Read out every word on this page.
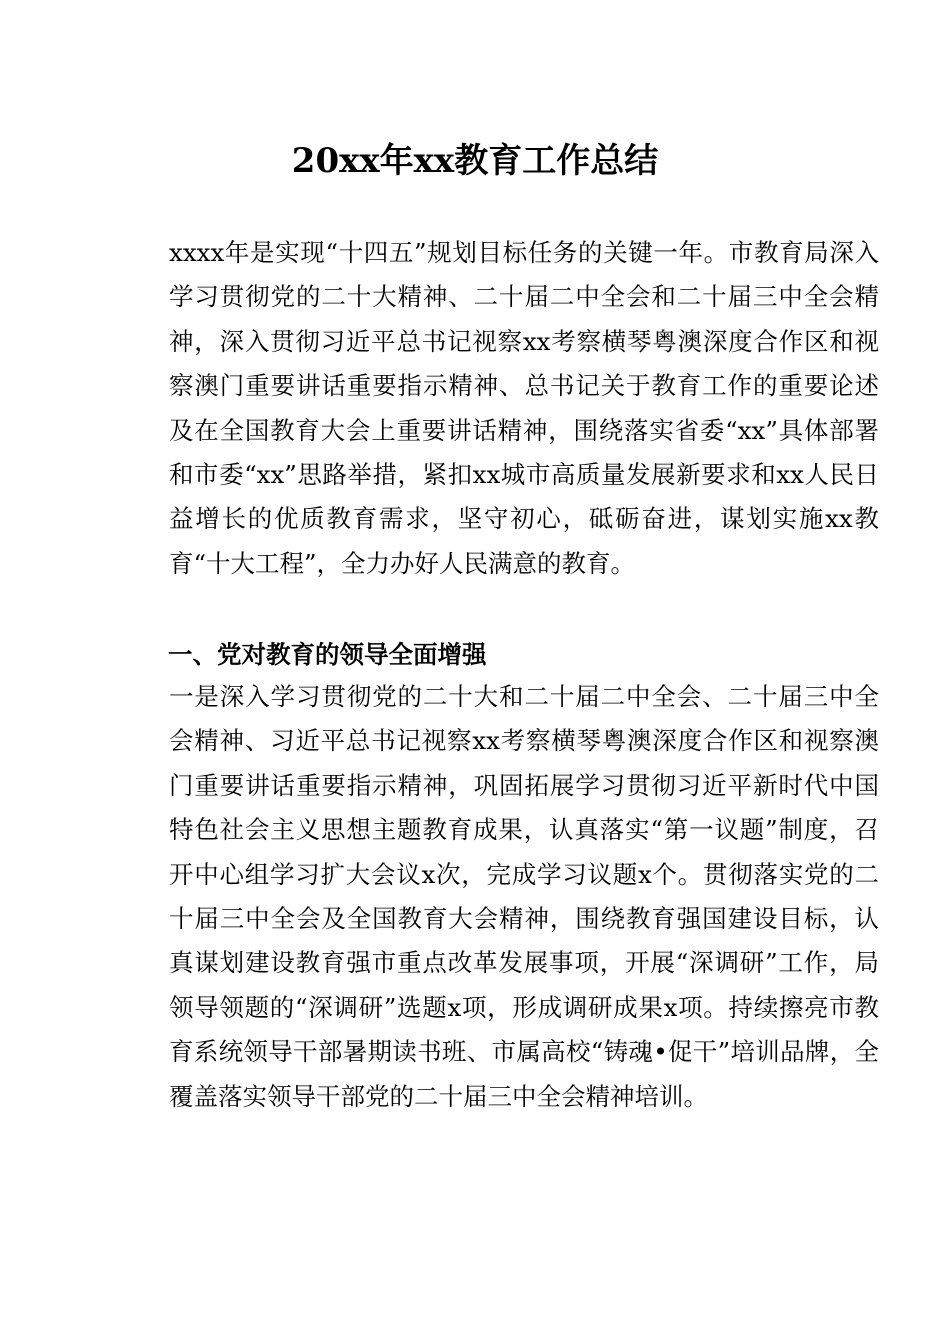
20xx年xx教育工作总结

xxxx年是实现“十四五”规划目标任务的关键一年。市教育局深入学习贯彻党的二十大精神、二十届二中全会和二十届三中全会精神，深入贯彻习近平总书记视察xx考察横琴粤澳深度合作区和视察澳门重要讲话重要指示精神、总书记关于教育工作的重要论述及在全国教育大会上重要讲话精神，围绕落实省委“xx”具体部署和市委“xx”思路举措，紧扣xx城市高质量发展新要求和xx人民日益增长的优质教育需求，坚守初心，砥砺奋进，谋划实施xx教育“十大工程”，全力办好人民满意的教育。

一、党对教育的领导全面增强

一是深入学习贯彻党的二十大和二十届二中全会、二十届三中全会精神、习近平总书记视察xx考察横琴粤澳深度合作区和视察澳门重要讲话重要指示精神，巩固拓展学习贯彻习近平新时代中国特色社会主义思想主题教育成果，认真落实“第一议题”制度，召开中心组学习扩大会议x次，完成学习议题x个。贯彻落实党的二十届三中全会及全国教育大会精神，围绕教育强国建设目标，认真谋划建设教育强市重点改革发展事项，开展“深调研”工作，局领导领题的“深调研”选题x项，形成调研成果x项。持续擦亮市教育系统领导干部暑期读书班、市属高校“铸魂•促干”培训品牌，全覆盖落实领导干部党的二十届三中全会精神培训。
